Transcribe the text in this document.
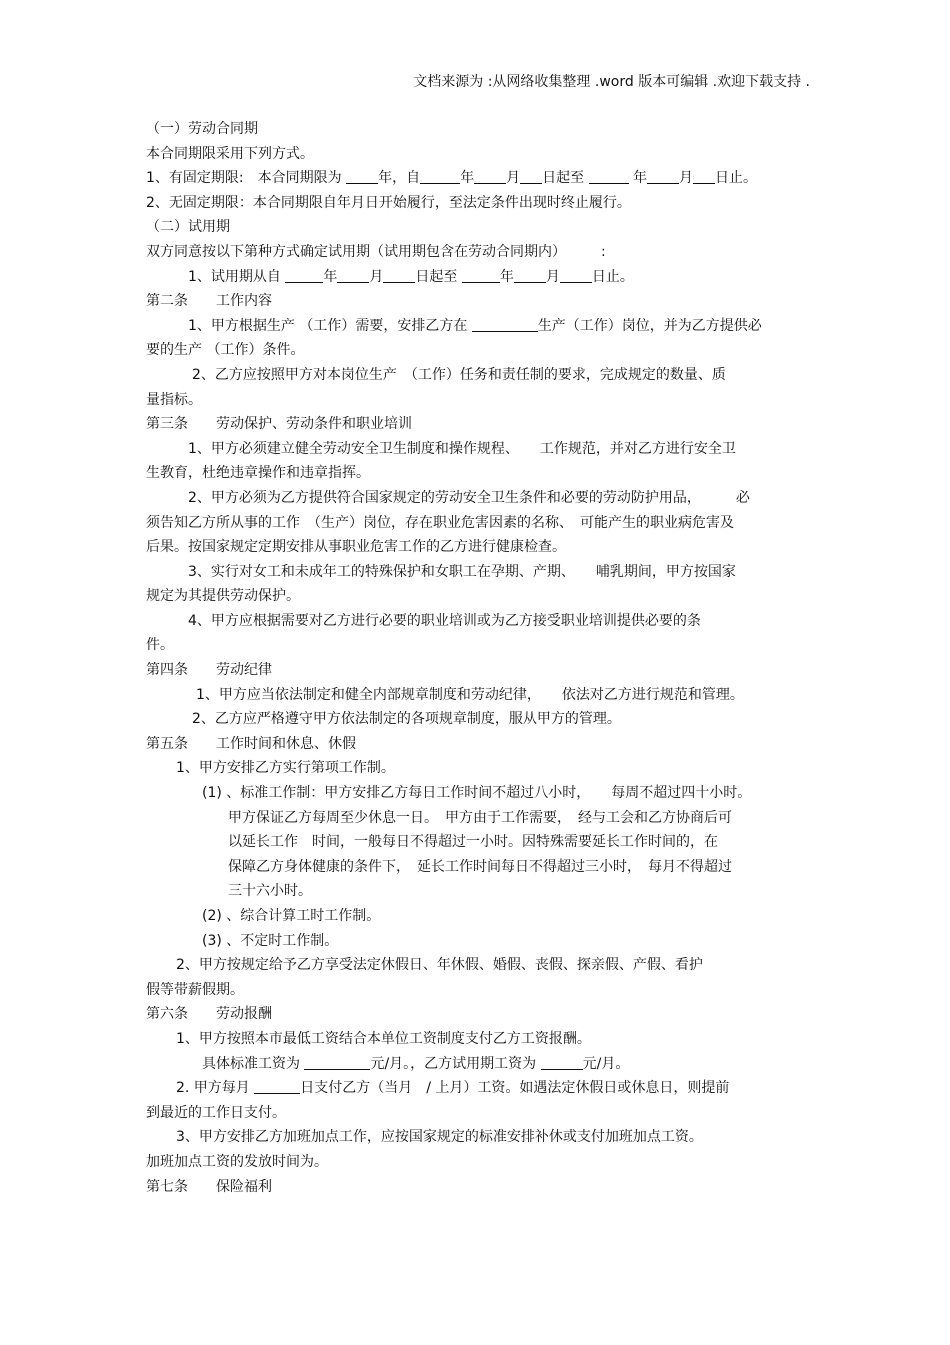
文档来源为 :从网络收集整理 .word 版本可编辑 .欢迎下载支持 .
（一）劳动合同期
本合同期限采用下列方式。
1、有固定期限:　本合同期限为	年，自	年 月 日起至	年 月 日止。
2、无固定期限：本合同期限自年月日开始履行，至法定条件出现时终止履行。
（二）试用期
双方同意按以下第种方式确定试用期（试用期包含在劳动合同期内）　　　:
1、试用期从自	年 月 日起至	年 月 日止。
第二条　　工作内容
1、甲方根据生产 （工作）需要，安排乙方在	生产（工作）岗位，并为乙方提供必
要的生产 （工作）条件。
2、乙方应按照甲方对本岗位生产　（工作）任务和责任制的要求，完成规定的数量、质
量指标。
第三条　　劳动保护、劳动条件和职业培训
1、甲方必须建立健全劳动安全卫生制度和操作规程、　　工作规范，并对乙方进行安全卫
生教育，杜绝违章操作和违章指挥。
2、甲方必须为乙方提供符合国家规定的劳动安全卫生条件和必要的劳动防护用品，　　　必
须告知乙方所从事的工作　（生产）岗位，存在职业危害因素的名称、　可能产生的职业病危害及
后果。按国家规定定期安排从事职业危害工作的乙方进行健康检查。
3、实行对女工和未成年工的特殊保护和女职工在孕期、产期、　　哺乳期间，甲方按国家
规定为其提供劳动保护。
4、甲方应根据需要对乙方进行必要的职业培训或为乙方接受职业培训提供必要的条
件。
第四条　　劳动纪律
1、甲方应当依法制定和健全内部规章制度和劳动纪律，　　依法对乙方进行规范和管理。
2、乙方应严格遵守甲方依法制定的各项规章制度，服从甲方的管理。
第五条　　工作时间和休息、休假
1、甲方安排乙方实行第项工作制。
(1) 、标准工作制：甲方安排乙方每日工作时间不超过八小时，　　每周不超过四十小时。
甲方保证乙方每周至少休息一日。　甲方由于工作需要，　经与工会和乙方协商后可
以延长工作　时间，一般每日不得超过一小时。因特殊需要延长工作时间的，在
保障乙方身体健康的条件下，　延长工作时间每日不得超过三小时，　每月不得超过
三十六小时。
(2) 、综合计算工时工作制。
(3) 、不定时工作制。
2、甲方按规定给予乙方享受法定休假日、年休假、婚假、丧假、探亲假、产假、看护
假等带薪假期。
第六条　　劳动报酬
1、甲方按照本市最低工资结合本单位工资制度支付乙方工资报酬。
具体标准工资为	元/月。，乙方试用期工资为	元/月。
2. 甲方每月	日支付乙方（当月　/ 上月）工资。如遇法定休假日或休息日，则提前
到最近的工作日支付。
3、甲方安排乙方加班加点工作，应按国家规定的标准安排补休或支付加班加点工资。
加班加点工资的发放时间为。
第七条　　保险福利
